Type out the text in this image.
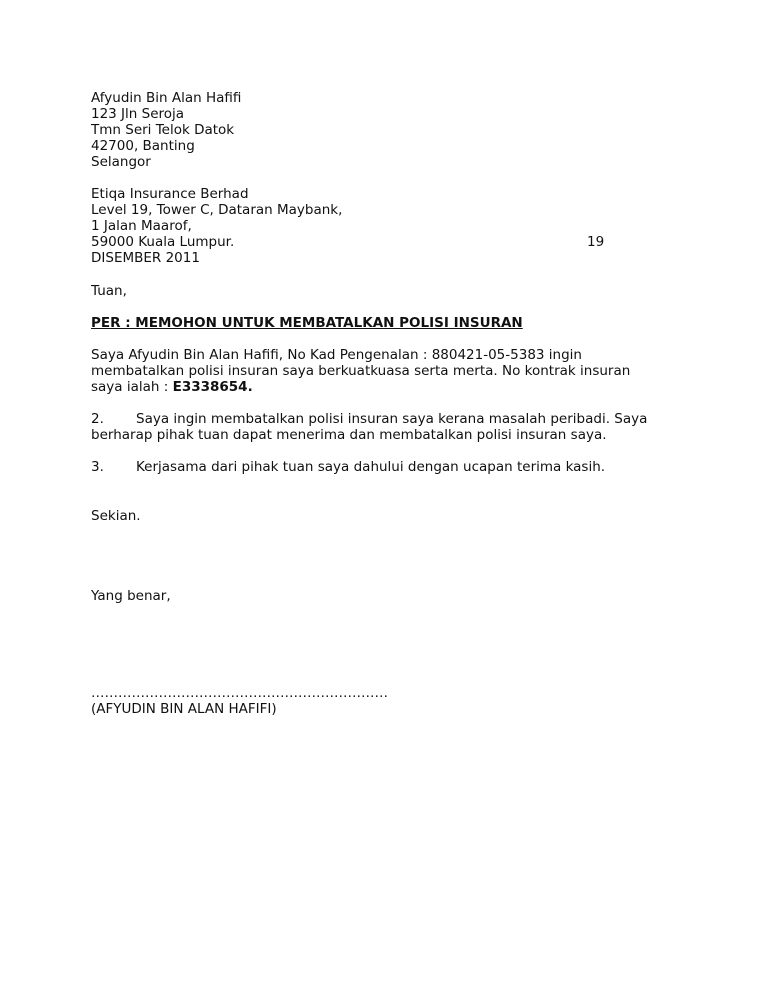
Afyudin Bin Alan Hafifi
123 Jln Seroja
Tmn Seri Telok Datok
42700, Banting
Selangor
Etiqa Insurance Berhad
Level 19, Tower C, Dataran Maybank,
1 Jalan Maarof,
59000 Kuala Lumpur.	19
DISEMBER 2011
Tuan,
PER : MEMOHON UNTUK MEMBATALKAN POLISI INSURAN
Saya Afyudin Bin Alan Hafifi, No Kad Pengenalan : 880421-05-5383 ingin
membatalkan polisi insuran saya berkuatkuasa serta merta. No kontrak insuran
saya ialah : E3338654.
2. Saya ingin membatalkan polisi insuran saya kerana masalah peribadi. Saya
berharap pihak tuan dapat menerima dan membatalkan polisi insuran saya.
3. Kerjasama dari pihak tuan saya dahului dengan ucapan terima kasih.
Sekian.
Yang benar,
…………………………………………………………
(AFYUDIN BIN ALAN HAFIFI)
